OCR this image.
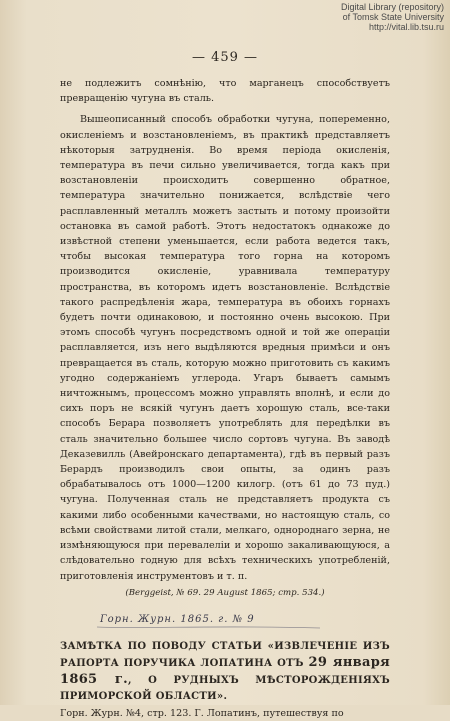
Digital Library (repository)
of Tomsk State University
http://vital.lib.tsu.ru
— 459 —

не подлежитъ сомнѣнію, что марганецъ способствуетъ превращенію чугуна въ сталь.

Вышеописанный способъ обработки чугуна, попеременно, окисленіемъ и возстановленіемъ, въ практикѣ представляетъ нѣкоторыя затрудненія. Во время періода окисленія, температура въ печи сильно увеличивается, тогда какъ при возстановленіи происходитъ совершенно обратное, температура значительно понижается, вслѣдствіе чего расплавленный металлъ можетъ застыть и потому произойти остановка въ самой работѣ. Этотъ недостатокъ однакоже до извѣстной степени уменьшается, если работа ведется такъ, чтобы высокая температура того горна на которомъ производится окисленіе, уравнивала температуру пространства, въ которомъ идетъ возстановленіе. Вслѣдствіе такого распредѣленія жара, температура въ обоихъ горнахъ будетъ почти одинаковою, и постоянно очень высокою. При этомъ способѣ чугунъ посредствомъ одной и той же операціи расплавляется, изъ него выдѣляются вредныя примѣси и онъ превращается въ сталь, которую можно приготовить съ какимъ угодно содержаніемъ углерода. Угаръ бываетъ самымъ ничтожнымъ, процессомъ можно управлять вполнѣ, и если до сихъ поръ не всякій чугунъ даетъ хорошую сталь, все-таки способъ Берара позволяетъ употреблять для передѣлки въ сталь значительно большее число сортовъ чугуна. Въ заводѣ Деказевилль (Авейронскаго департамента), гдѣ въ первый разъ Берардъ производилъ свои опыты, за одинъ разъ обрабатывалось отъ 1000—1200 килогр. (отъ 61 до 73 пуд.) чугуна. Полученная сталь не представляетъ продукта съ какими либо особенными качествами, но настоящую сталь, со всѣми свойствами литой стали, мелкаго, однороднаго зерна, не измѣняющуюся при перевалеліи и хорошо закаливающуюся, а слѣдовательно годную для всѣхъ техническихъ употребленій, приготовленія инструментовъ и т. п.

(Berggeist, № 69. 29 August 1865; стр. 534.)
Горн. Журн. 1865. г. № 9
ЗАМѢТКА ПО ПОВОДУ СТАТЬИ «ИЗВЛЕЧЕНІЕ ИЗЪ РАПОРТА ПОРУЧИКА ЛОПАТИНА ОТЪ 29 января 1865 г., О РУДНЫХЪ МѢСТОРОЖДЕНІЯХЪ ПРИМОРСКОЙ ОБЛАСТИ».
Горн. Журн. №4, стр. 123. Г. Лопатинъ, путешествуя по
